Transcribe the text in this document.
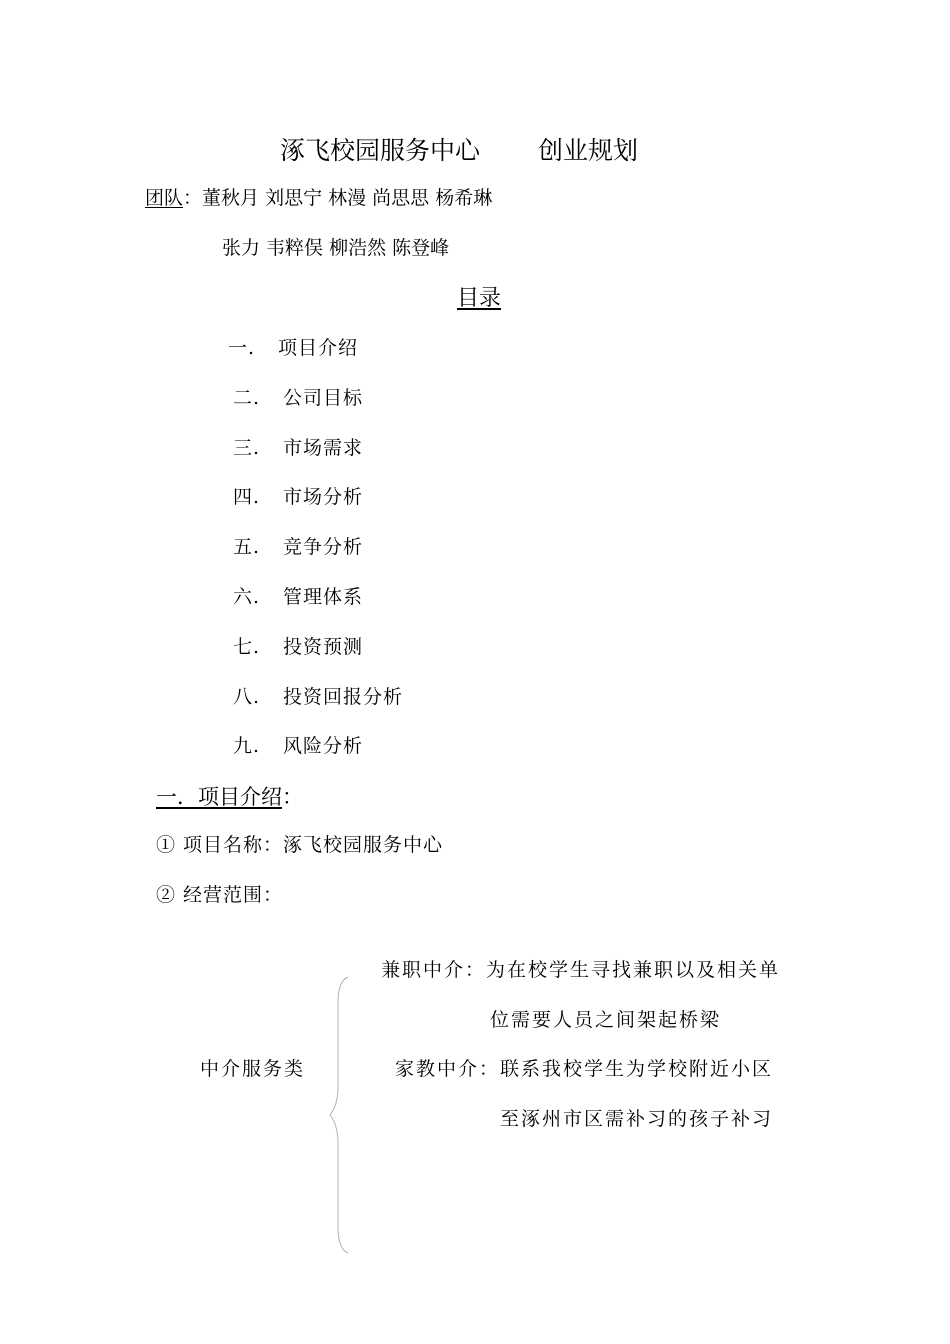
涿飞校园服务中心 创业规划
团队：董秋月 刘思宁 林漫 尚思思 杨希琳
张力 韦粹俣 柳浩然 陈登峰
目录
一. 项目介绍
二. 公司目标
三. 市场需求
四. 市场分析
五. 竞争分析
六. 管理体系
七. 投资预测
八. 投资回报分析
九. 风险分析
一．项目介绍：
① 项目名称：涿飞校园服务中心
② 经营范围：
中介服务类
兼职中介：为在校学生寻找兼职以及相关单
位需要人员之间架起桥梁
家教中介：联系我校学生为学校附近小区
至涿州市区需补习的孩子补习
